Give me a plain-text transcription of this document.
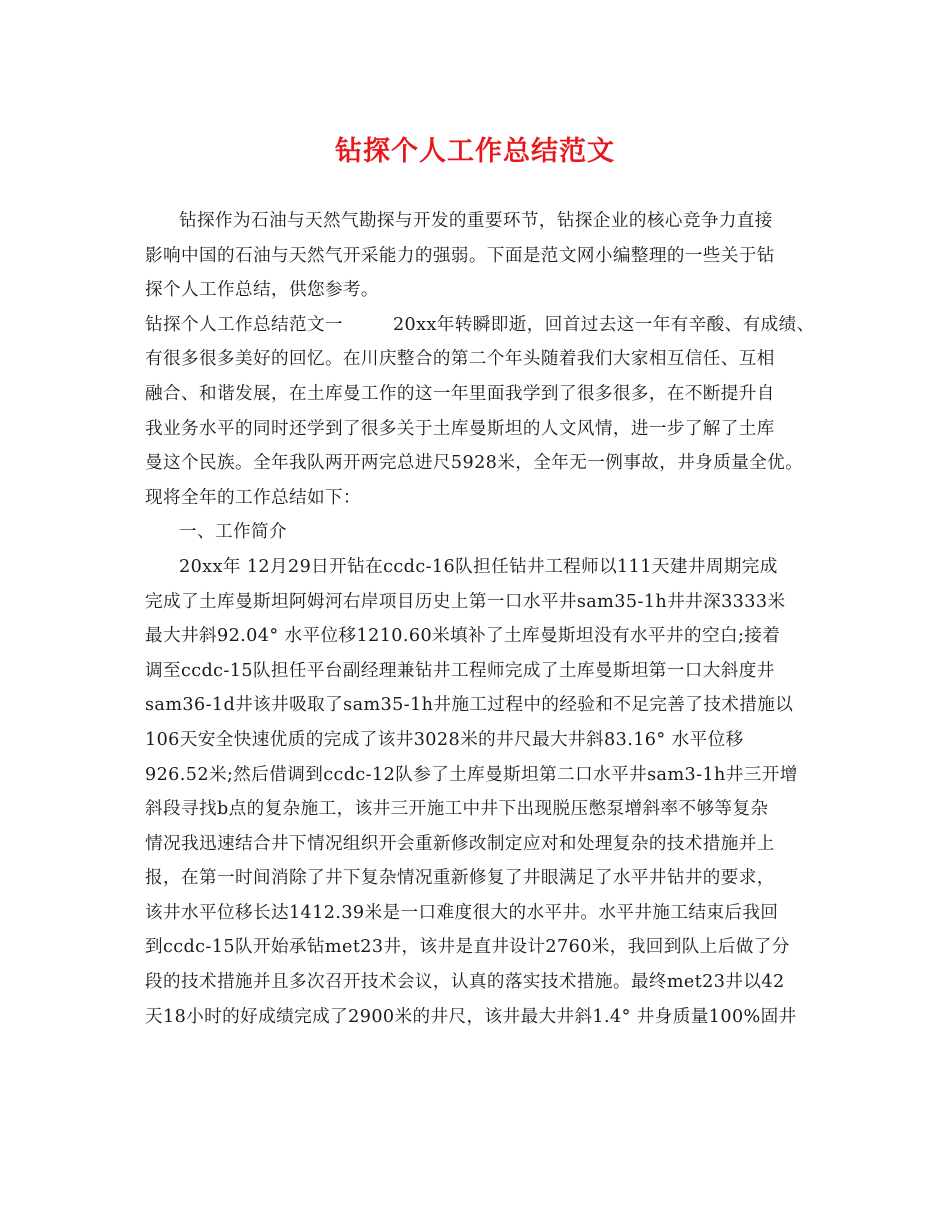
钻探个人工作总结范文
钻探作为石油与天然气勘探与开发的重要环节，钻探企业的核心竞争力直接
影响中国的石油与天然气开采能力的强弱。下面是范文网小编整理的一些关于钻
探个人工作总结，供您参考。
钻探个人工作总结范文一	20xx年转瞬即逝，回首过去这一年有辛酸、有成绩、
有很多很多美好的回忆。在川庆整合的第二个年头随着我们大家相互信任、互相
融合、和谐发展，在土库曼工作的这一年里面我学到了很多很多，在不断提升自
我业务水平的同时还学到了很多关于土库曼斯坦的人文风情，进一步了解了土库
曼这个民族。全年我队两开两完总进尺5928米，全年无一例事故，井身质量全优。
现将全年的工作总结如下：
一、工作简介
20xx年 12月29日开钻在ccdc-16队担任钻井工程师以111天建井周期完成
完成了土库曼斯坦阿姆河右岸项目历史上第一口水平井sam35-1h井井深3333米
最大井斜92.04° 水平位移1210.60米填补了土库曼斯坦没有水平井的空白;接着
调至ccdc-15队担任平台副经理兼钻井工程师完成了土库曼斯坦第一口大斜度井
sam36-1d井该井吸取了sam35-1h井施工过程中的经验和不足完善了技术措施以
106天安全快速优质的完成了该井3028米的井尺最大井斜83.16° 水平位移
926.52米;然后借调到ccdc-12队参了土库曼斯坦第二口水平井sam3-1h井三开增
斜段寻找b点的复杂施工，该井三开施工中井下出现脱压憋泵增斜率不够等复杂
情况我迅速结合井下情况组织开会重新修改制定应对和处理复杂的技术措施并上
报，在第一时间消除了井下复杂情况重新修复了井眼满足了水平井钻井的要求，
该井水平位移长达1412.39米是一口难度很大的水平井。水平井施工结束后我回
到ccdc-15队开始承钻met23井，该井是直井设计2760米，我回到队上后做了分
段的技术措施并且多次召开技术会议，认真的落实技术措施。最终met23井以42
天18小时的好成绩完成了2900米的井尺，该井最大井斜1.4° 井身质量100%固井
